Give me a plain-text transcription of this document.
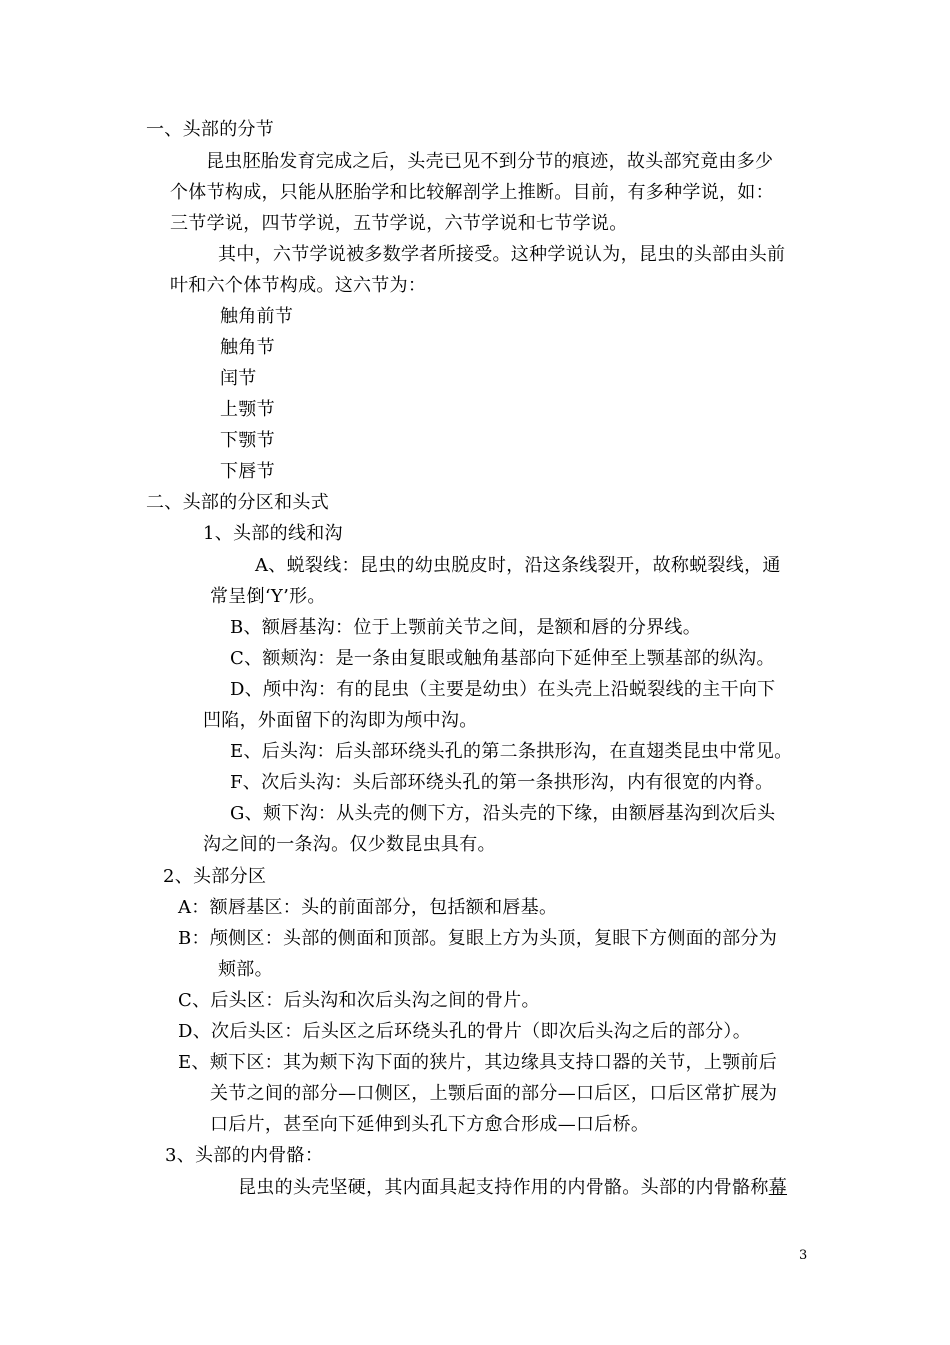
一、头部的分节
昆虫胚胎发育完成之后，头壳已见不到分节的痕迹，故头部究竟由多少
个体节构成，只能从胚胎学和比较解剖学上推断。目前，有多种学说，如：
三节学说，四节学说，五节学说，六节学说和七节学说。
其中，六节学说被多数学者所接受。这种学说认为，昆虫的头部由头前
叶和六个体节构成。这六节为：
触角前节
触角节
闰节
上颚节
下颚节
下唇节
二、头部的分区和头式
1、头部的线和沟
A、蜕裂线：昆虫的幼虫脱皮时，沿这条线裂开，故称蜕裂线，通
常呈倒‘Y’形。
B、额唇基沟：位于上颚前关节之间，是额和唇的分界线。
C、额颊沟：是一条由复眼或触角基部向下延伸至上颚基部的纵沟。
D、颅中沟：有的昆虫（主要是幼虫）在头壳上沿蜕裂线的主干向下
凹陷，外面留下的沟即为颅中沟。
E、后头沟：后头部环绕头孔的第二条拱形沟，在直翅类昆虫中常见。
F、次后头沟：头后部环绕头孔的第一条拱形沟，内有很宽的内脊。
G、颊下沟：从头壳的侧下方，沿头壳的下缘，由额唇基沟到次后头
沟之间的一条沟。仅少数昆虫具有。
2、头部分区
A：额唇基区：头的前面部分，包括额和唇基。
B：颅侧区：头部的侧面和顶部。复眼上方为头顶，复眼下方侧面的部分为
颊部。
C、后头区：后头沟和次后头沟之间的骨片。
D、次后头区：后头区之后环绕头孔的骨片（即次后头沟之后的部分）。
E、颊下区：其为颊下沟下面的狭片，其边缘具支持口器的关节，上颚前后
关节之间的部分—口侧区，上颚后面的部分—口后区，口后区常扩展为
口后片，甚至向下延伸到头孔下方愈合形成—口后桥。
3、头部的内骨骼：
昆虫的头壳坚硬，其内面具起支持作用的内骨骼。头部的内骨骼称幕
3
